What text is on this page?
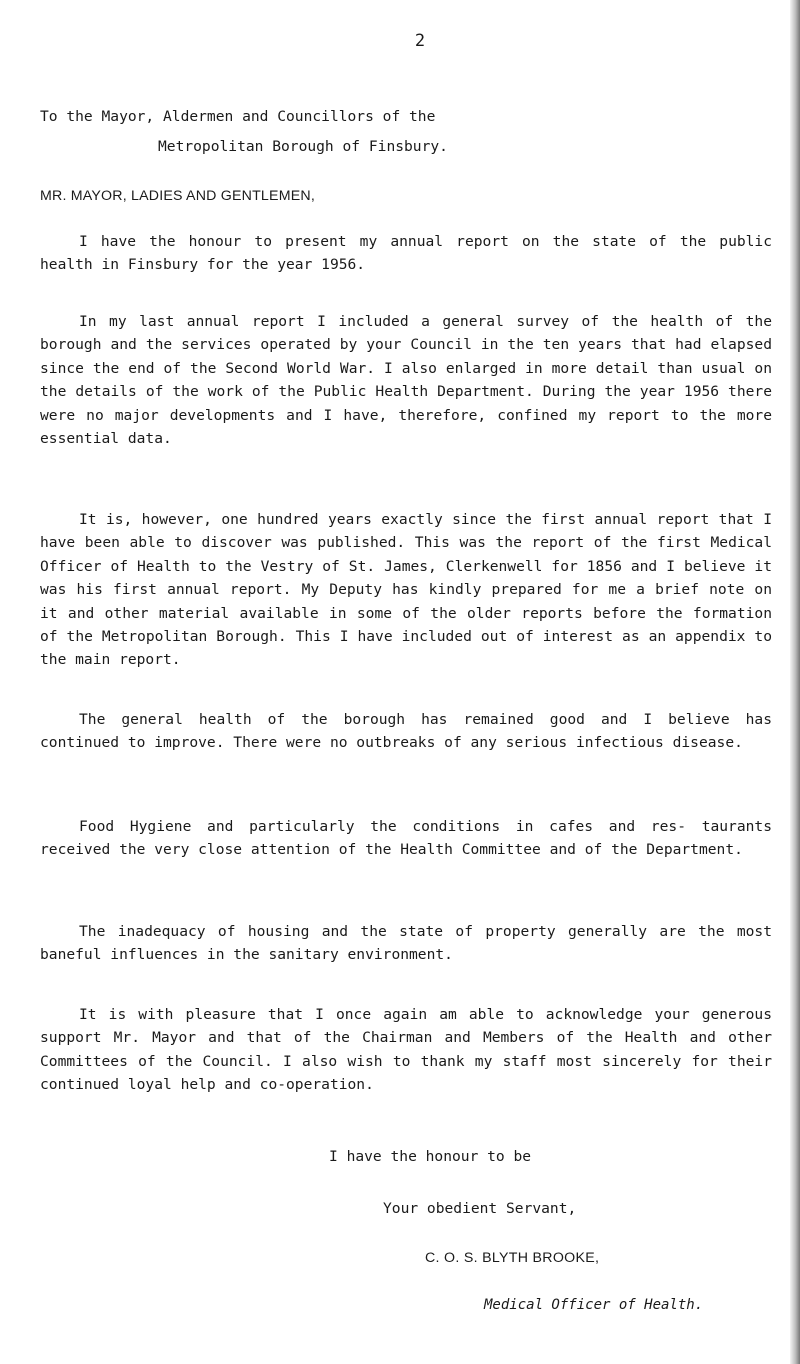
2
To the Mayor, Aldermen and Councillors of the
Metropolitan Borough of Finsbury.
MR. MAYOR, LADIES AND GENTLEMEN,
I have the honour to present my annual report on the state of the public health in Finsbury for the year 1956.
In my last annual report I included a general survey of the health of the borough and the services operated by your Council in the ten years that had elapsed since the end of the Second World War. I also enlarged in more detail than usual on the details of the work of the Public Health Department. During the year 1956 there were no major developments and I have, therefore, confined my report to the more essential data.
It is, however, one hundred years exactly since the first annual report that I have been able to discover was published. This was the report of the first Medical Officer of Health to the Vestry of St. James, Clerkenwell for 1856 and I believe it was his first annual report. My Deputy has kindly prepared for me a brief note on it and other material available in some of the older reports before the formation of the Metropolitan Borough. This I have included out of interest as an appendix to the main report.
The general health of the borough has remained good and I believe has continued to improve. There were no outbreaks of any serious infectious disease.
Food Hygiene and particularly the conditions in cafes and res- taurants received the very close attention of the Health Committee and of the Department.
The inadequacy of housing and the state of property generally are the most baneful influences in the sanitary environment.
It is with pleasure that I once again am able to acknowledge your generous support Mr. Mayor and that of the Chairman and Members of the Health and other Committees of the Council. I also wish to thank my staff most sincerely for their continued loyal help and co-operation.
I have the honour to be
Your obedient Servant,
C. O. S. BLYTH BROOKE,
Medical Officer of Health.
